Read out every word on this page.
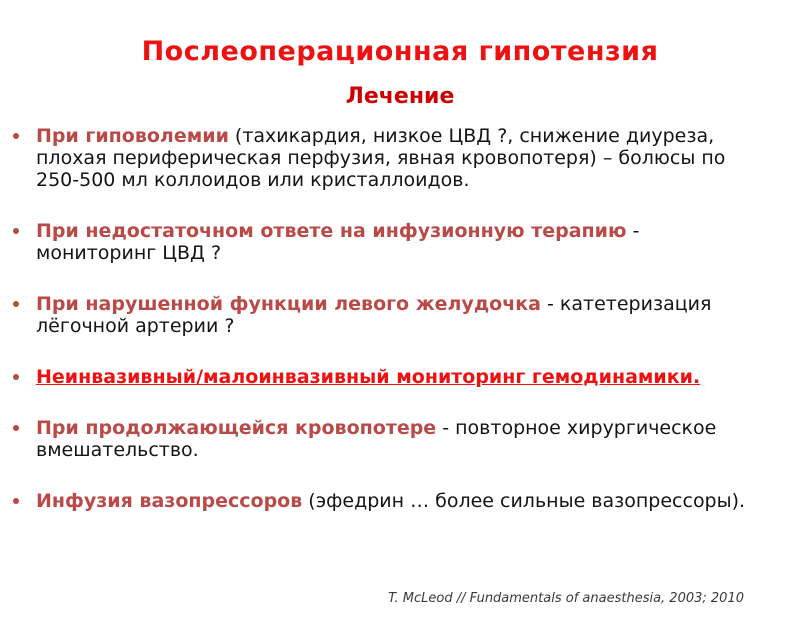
Послеоперационная гипотензия
Лечение
При гиповолемии (тахикардия, низкое ЦВД ?, снижение диуреза, плохая периферическая перфузия, явная кровопотеря) – болюсы по 250-500 мл коллоидов или кристаллоидов.
При недостаточном ответе на инфузионную терапию - мониторинг ЦВД ?
При нарушенной функции левого желудочка - катетеризация лёгочной артерии ?
Неинвазивный/малоинвазивный мониторинг гемодинамики.
При продолжающейся кровопотере - повторное хирургическое вмешательство.
Инфузия вазопрессоров (эфедрин … более сильные вазопрессоры).
T. McLeod // Fundamentals of anaesthesia, 2003; 2010
